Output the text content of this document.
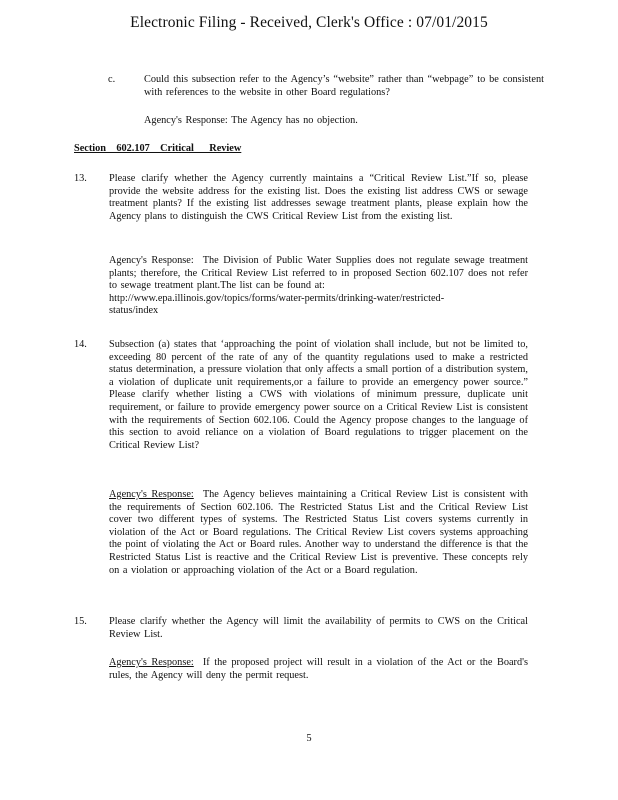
Electronic Filing - Received, Clerk's Office : 07/01/2015
c.	Could this subsection refer to the Agency’s “website” rather than “webpage” to be consistent with references to the website in other Board regulations?
Agency's Response: The Agency has no objection.
Section    602.107    Critical      Review
13. Please clarify whether the Agency currently maintains a “Critical Review List.”If so, please provide the website address for the existing list. Does the existing list address CWS or sewage treatment plants? If the existing list addresses sewage treatment plants, please explain how the Agency plans to distinguish the CWS Critical Review List from the existing list.
Agency's Response: The Division of Public Water Supplies does not regulate sewage treatment plants; therefore, the Critical Review List referred to in proposed Section 602.107 does not refer to sewage treatment plant.The list can be found at:
http://www.epa.illinois.gov/topics/forms/water-permits/drinking-water/restricted-
status/index
14. Subsection (a) states that ‘approaching the point of violation shall include, but not be limited to, exceeding 80 percent of the rate of any of the quantity regulations used to make a restricted status determination, a pressure violation that only affects a small portion of a distribution system, a violation of duplicate unit requirements,or a failure to provide an emergency power source.” Please clarify whether listing a CWS with violations of minimum pressure, duplicate unit requirement, or failure to provide emergency power source on a Critical Review List is consistent with the requirements of Section 602.106. Could the Agency propose changes to the language of this section to avoid reliance on a violation of Board regulations to trigger placement on the Critical Review List?
Agency's Response: The Agency believes maintaining a Critical Review List is consistent with the requirements of Section 602.106. The Restricted Status List and the Critical Review List cover two different types of systems. The Restricted Status List covers systems currently in violation of the Act or Board regulations. The Critical Review List covers systems approaching the point of violating the Act or Board rules. Another way to understand the difference is that the Restricted Status List is reactive and the Critical Review List is preventive. These concepts rely on a violation or approaching violation of the Act or a Board regulation.
15. Please clarify whether the Agency will limit the availability of permits to CWS on the Critical Review List.
Agency's Response: If the proposed project will result in a violation of the Act or the Board's rules, the Agency will deny the permit request.
5
